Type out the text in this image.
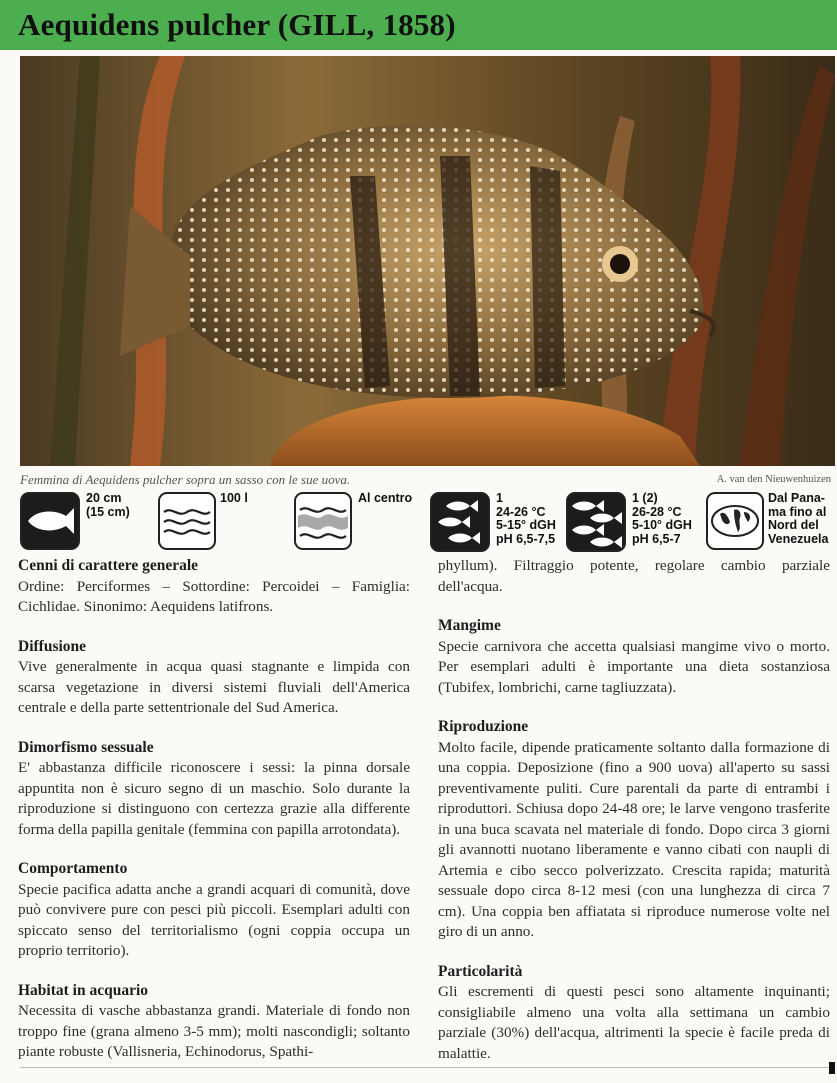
Aequidens pulcher (GILL, 1858)
Femmina di Aequidens pulcher sopra un sasso con le sue uova.	A. van den Nieuwenhuizen
20 cm
(15 cm)
100 l	Al centro	1
24-26 °C
5-15° dGH
pH 6,5-7,5
1 (2)
26-28 °C
5-10° dGH
pH 6,5-7
Dal Pana-
ma fino al
Nord del
Venezuela
Cenni di carattere generale

Ordine: Perciformes – Sottordine: Percoidei – Famiglia: Cichlidae. Sinonimo: Aequidens latifrons.

Diffusione

Vive generalmente in acqua quasi stagnante e limpida con scarsa vegetazione in diversi sistemi fluviali dell'America centrale e della parte settentrionale del Sud America.

Dimorfismo sessuale

E' abbastanza difficile riconoscere i sessi: la pinna dorsale appuntita non è sicuro segno di un maschio. Solo durante la riproduzione si distinguono con certezza grazie alla differente forma della papilla genitale (femmina con papilla arrotondata).

Comportamento

Specie pacifica adatta anche a grandi acquari di comunità, dove può convivere pure con pesci più piccoli. Esemplari adulti con spiccato senso del territorialismo (ogni coppia occupa un proprio territorio).

Habitat in acquario

Necessita di vasche abbastanza grandi. Materiale di fondo non troppo fine (grana almeno 3-5 mm); molti nascondigli; soltanto piante robuste (Vallisneria, Echinodorus, Spathi-

phyllum). Filtraggio potente, regolare cambio parziale dell'acqua.

Mangime

Specie carnivora che accetta qualsiasi mangime vivo o morto. Per esemplari adulti è importante una dieta sostanziosa (Tubifex, lombrichi, carne tagliuzzata).

Riproduzione

Molto facile, dipende praticamente soltanto dalla formazione di una coppia. Deposizione (fino a 900 uova) all'aperto su sassi preventivamente puliti. Cure parentali da parte di entrambi i riproduttori. Schiusa dopo 24-48 ore; le larve vengono trasferite in una buca scavata nel materiale di fondo. Dopo circa 3 giorni gli avannotti nuotano liberamente e vanno cibati con naupli di Artemia e cibo secco polverizzato. Crescita rapida; maturità sessuale dopo circa 8-12 mesi (con una lunghezza di circa 7 cm). Una coppia ben affiatata si riproduce numerose volte nel giro di un anno.

Particolarità

Gli escrementi di questi pesci sono altamente inquinanti; consigliabile almeno una volta alla settimana un cambio parziale (30%) dell'acqua, altrimenti la specie è facile preda di malattie.
